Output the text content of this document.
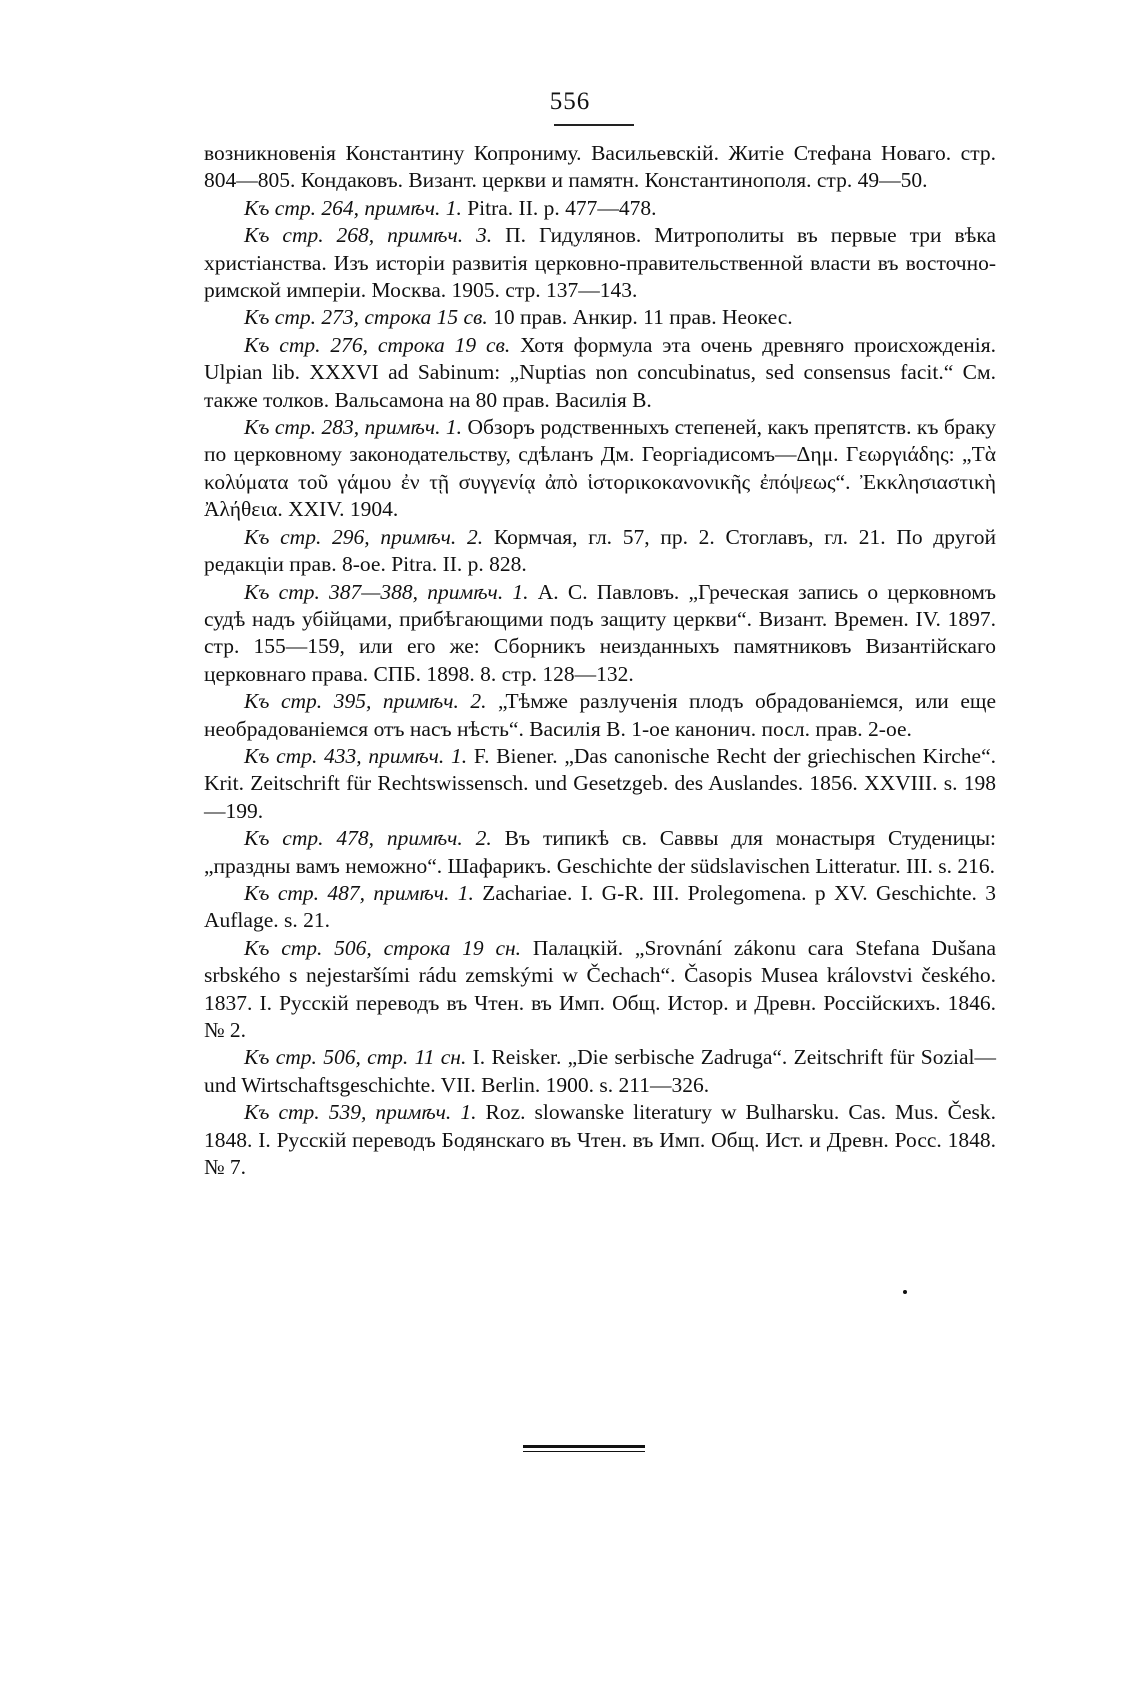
556

возникновенія Константину Копрониму. Васильевскій. Житіе Стефана Новаго. стр. 804—805. Кондаковъ. Визант. церкви и памятн. Константинополя. стр. 49—50.

Къ стр. 264, примѣч. 1. Pitra. II. p. 477—478.

Къ стр. 268, примѣч. 3. П. Гидулянов. Митрополиты въ первые три вѣка христіанства. Изъ исторіи развитія церковно-правительственной власти въ восточно-римской имперіи. Москва. 1905. стр. 137—143.

Къ стр. 273, строка 15 св. 10 прав. Анкир. 11 прав. Неокес.

Къ стр. 276, строка 19 св. Хотя формула эта очень древняго происхожденія. Ulpian lib. XXXVI ad Sabinum: „Nuptias non concubinatus, sed consensus facit.“ См. также толков. Вальсамона на 80 прав. Василія В.

Къ стр. 283, примѣч. 1. Обзоръ родственныхъ степеней, какъ препятств. къ браку по церковному законодательству, сдѣланъ Дм. Георгіадисомъ—Δημ. Γεωργιάδης: „Τὰ κολύματα τοῦ γάμου ἐν τῇ συγγενίᾳ ἀπὸ ἱστορικοκανονικῆς ἐπόψεως“. Ἐκκλησιαστικὴ Ἀλήθεια. XXIV. 1904.

Къ стр. 296, примѣч. 2. Кормчая, гл. 57, пр. 2. Стоглавъ, гл. 21. По другой редакціи прав. 8-ое. Pitra. II. p. 828.

Къ стр. 387—388, примѣч. 1. А. С. Павловъ. „Греческая запись о церковномъ судѣ надъ убійцами, прибѣгающими подъ защиту церкви“. Визант. Времен. IV. 1897. стр. 155—159, или его же: Сборникъ неизданныхъ памятниковъ Византійскаго церковнаго права. СПБ. 1898. 8. стр. 128—132.

Къ стр. 395, примѣч. 2. „Тѣмже разлученія плодъ обрадованіемся, или еще необрадованіемся отъ насъ нѣсть“. Василія В. 1-ое канонич. посл. прав. 2-ое.

Къ стр. 433, примѣч. 1. F. Biener. „Das canonische Recht der griechischen Kirche“. Krit. Zeitschrift für Rechtswissensch. und Gesetzgeb. des Auslandes. 1856. XXVIII. s. 198—199.

Къ стр. 478, примѣч. 2. Въ типикѣ св. Саввы для монастыря Студеницы: „праздны вамъ неможно“. Шафарикъ. Geschichte der südslavischen Litteratur. III. s. 216.

Къ стр. 487, примѣч. 1. Zachariae. I. G-R. III. Prolegomena. p XV. Geschichte. 3 Auflage. s. 21.

Къ стр. 506, строка 19 сн. Палацкій. „Srovnání zákonu cara Stefana Dušana srbského s nejestaršími rádu zemskými w Čechach“. Časopis Musea královstvi českého. 1837. I. Русскій переводъ въ Чтен. въ Имп. Общ. Истор. и Древн. Россійскихъ. 1846. № 2.

Къ стр. 506, стр. 11 сн. I. Reisker. „Die serbische Zadruga“. Zeitschrift für Sozial—und Wirtschaftsgeschichte. VII. Berlin. 1900. s. 211—326.

Къ стр. 539, примѣч. 1. Roz. slowanske literatury w Bulharsku. Cas. Mus. Česk. 1848. I. Русскій переводъ Бодянскаго въ Чтен. въ Имп. Общ. Ист. и Древн. Росс. 1848. № 7.
